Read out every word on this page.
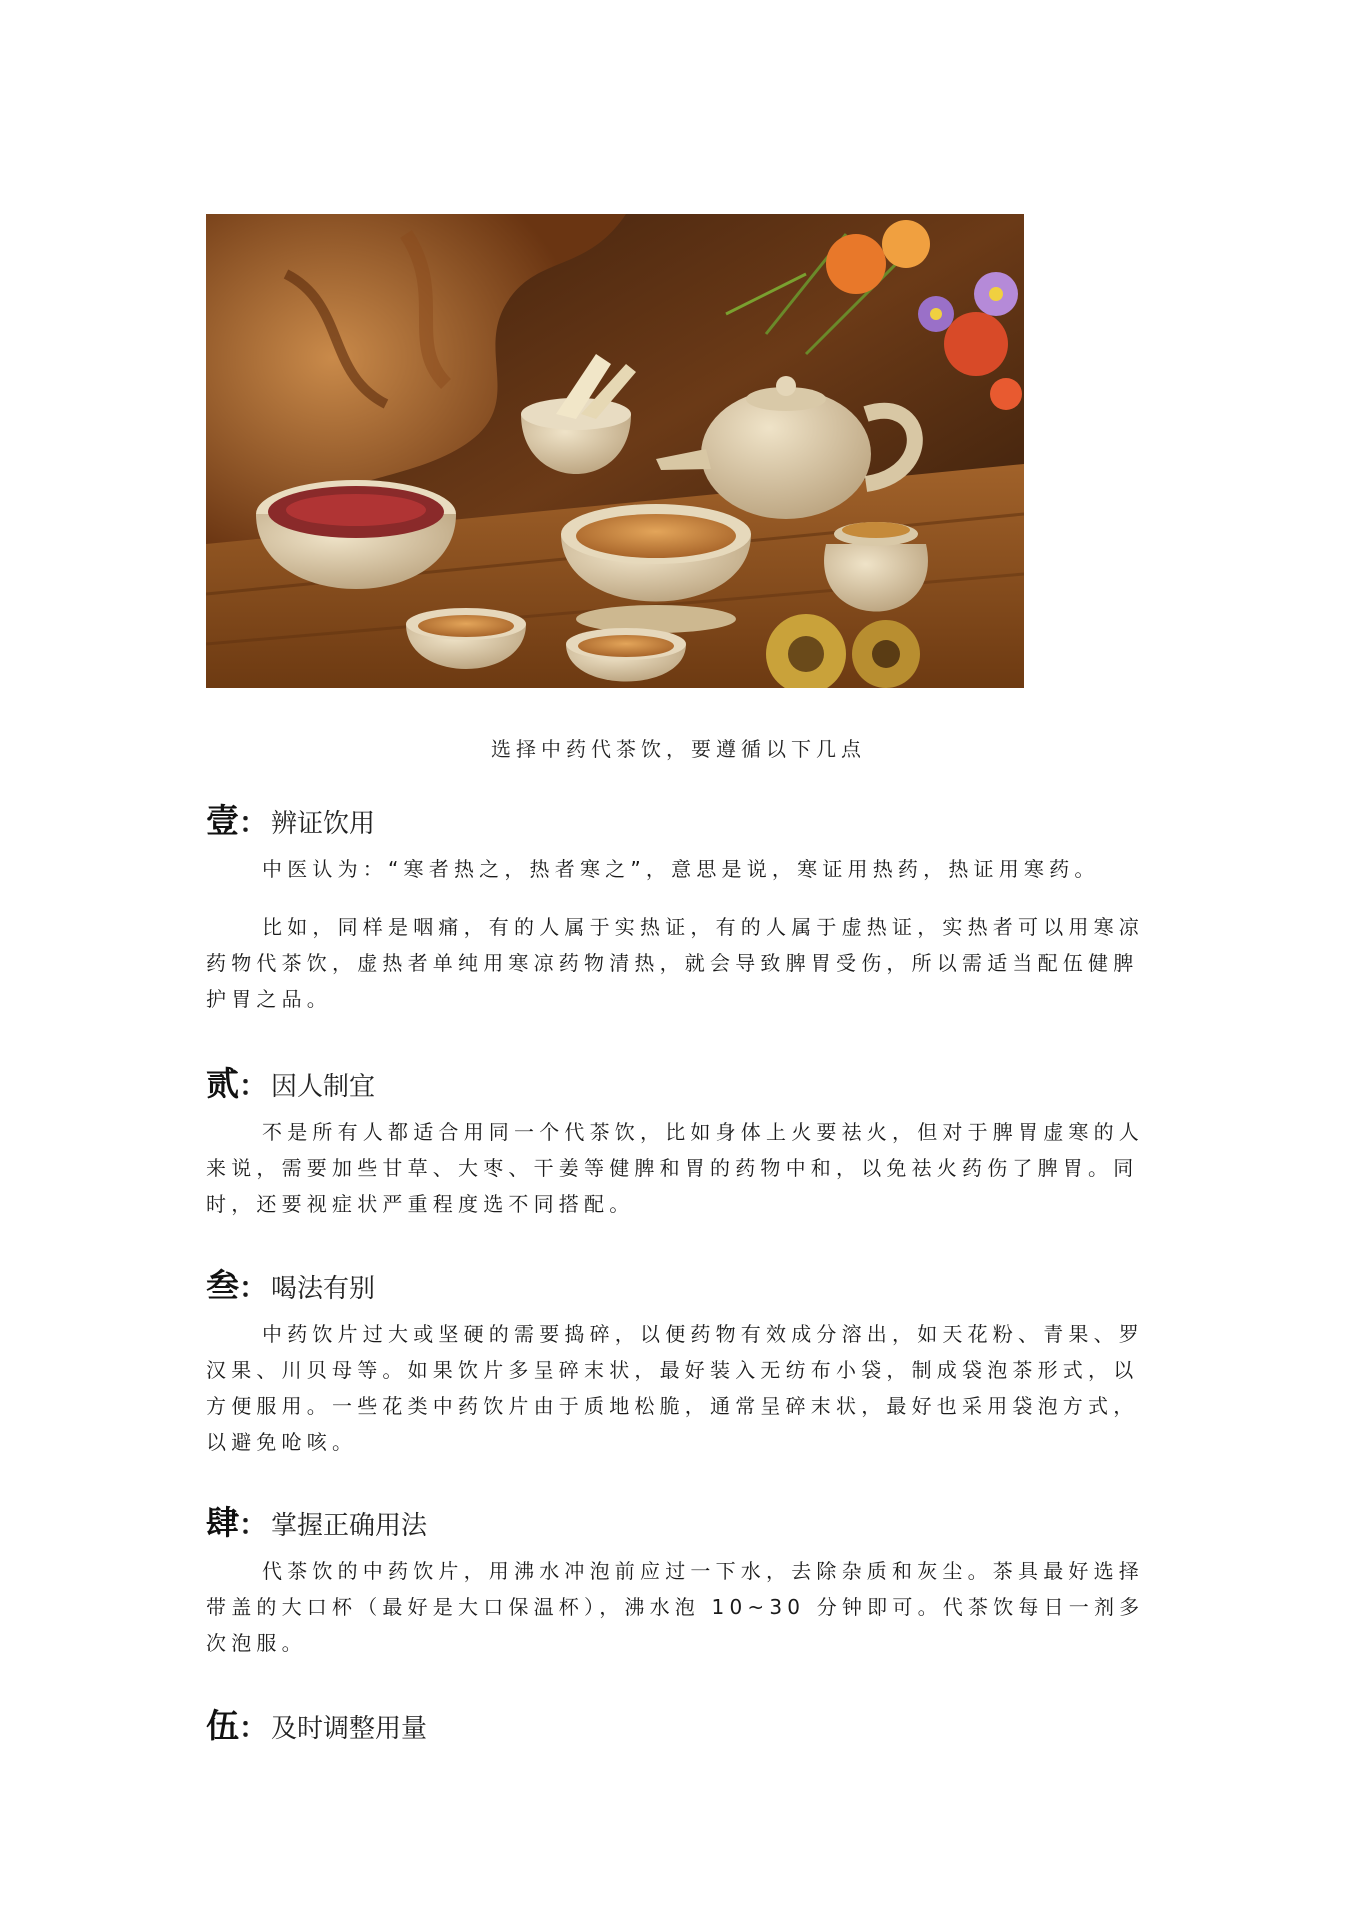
选择中药代茶饮，要遵循以下几点
壹 ： 辨证饮用
中医认为：“寒者热之，热者寒之”，意思是说，寒证用热药，热证用寒药。
比如，同样是咽痛，有的人属于实热证，有的人属于虚热证，实热者可以用寒凉药物代茶饮，虚热者单纯用寒凉药物清热，就会导致脾胃受伤，所以需适当配伍健脾护胃之品。
贰 ： 因人制宜
不是所有人都适合用同一个代茶饮，比如身体上火要祛火，但对于脾胃虚寒的人来说，需要加些甘草、大枣、干姜等健脾和胃的药物中和，以免祛火药伤了脾胃。同时，还要视症状严重程度选不同搭配。
叁 ： 喝法有别
中药饮片过大或坚硬的需要捣碎，以便药物有效成分溶出，如天花粉、青果、罗汉果、川贝母等。如果饮片多呈碎末状，最好装入无纺布小袋，制成袋泡茶形式，以方便服用。一些花类中药饮片由于质地松脆，通常呈碎末状，最好也采用袋泡方式，以避免呛咳。
肆 ： 掌握正确用法
代茶饮的中药饮片，用沸水冲泡前应过一下水，去除杂质和灰尘。茶具最好选择带盖的大口杯（最好是大口保温杯），沸水泡 10~30 分钟即可。代茶饮每日一剂多次泡服。
伍 ： 及时调整用量
